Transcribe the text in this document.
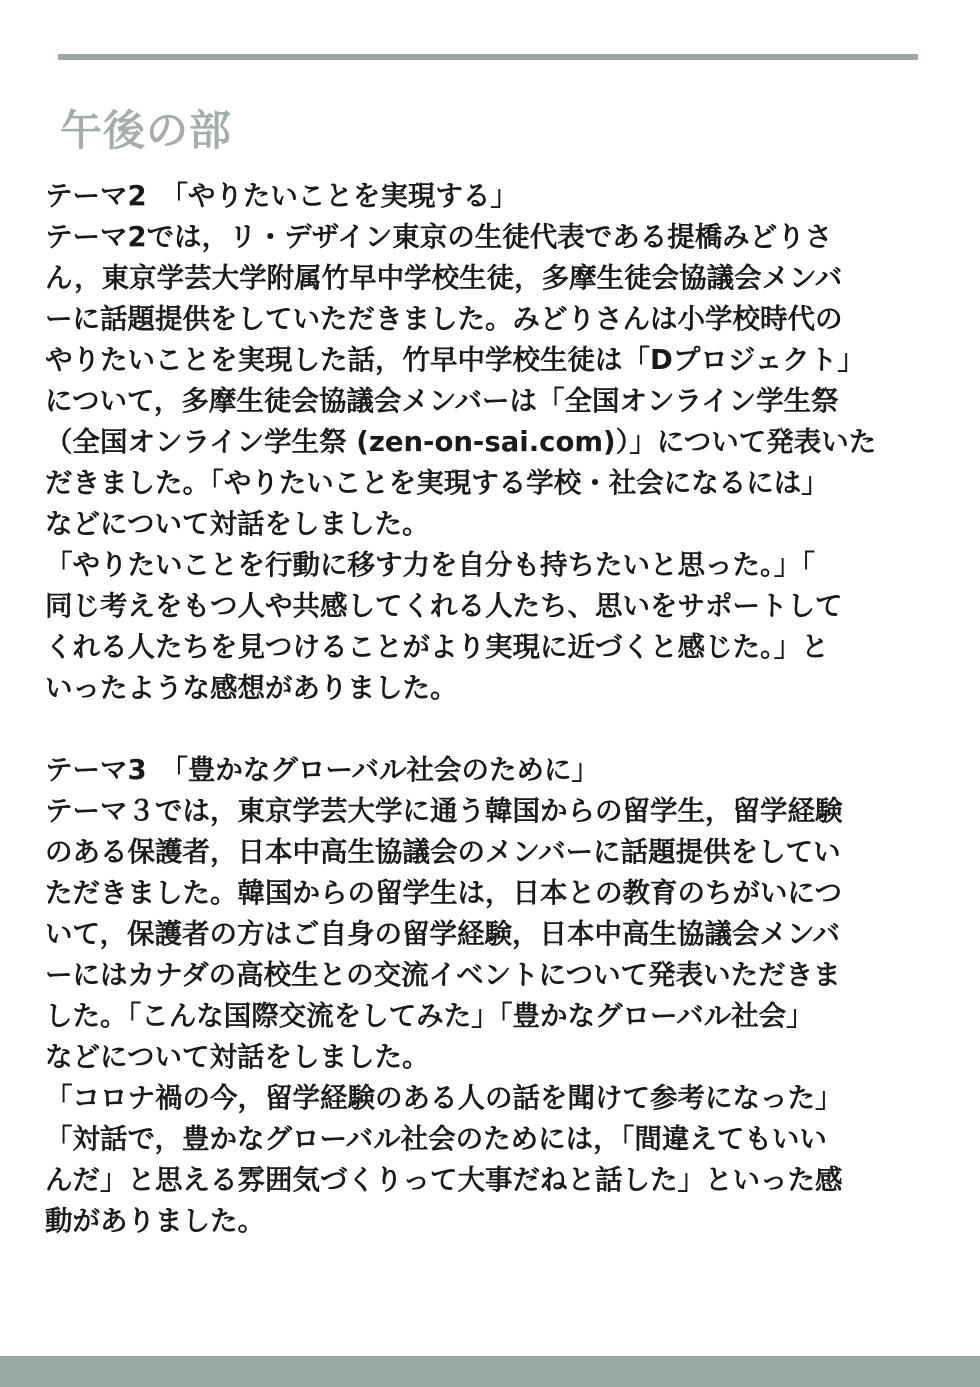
午後の部
テーマ2　「やりたいことを実現する」
テーマ2では，リ・デザイン東京の生徒代表である提橋みどりさ
ん，東京学芸大学附属竹早中学校生徒，多摩生徒会協議会メンバ
ーに話題提供をしていただきました。みどりさんは小学校時代の
やりたいことを実現した話，竹早中学校生徒は「Dプロジェクト」
について，多摩生徒会協議会メンバーは「全国オンライン学生祭
（全国オンライン学生祭 (zen-on-sai.com)）」について発表いた
だきました。「やりたいことを実現する学校・社会になるには」
などについて対話をしました。
「やりたいことを行動に移す力を自分も持ちたいと思った。」「
同じ考えをもつ人や共感してくれる人たち、思いをサポートして
くれる人たちを見つけることがより実現に近づくと感じた。」と
いったような感想がありました。
テーマ3　「豊かなグローバル社会のために」
テーマ３では，東京学芸大学に通う韓国からの留学生，留学経験
のある保護者，日本中高生協議会のメンバーに話題提供をしてい
ただきました。韓国からの留学生は，日本との教育のちがいにつ
いて，保護者の方はご自身の留学経験，日本中高生協議会メンバ
ーにはカナダの高校生との交流イベントについて発表いただきま
した。「こんな国際交流をしてみた」「豊かなグローバル社会」
などについて対話をしました。
「コロナ禍の今，留学経験のある人の話を聞けて参考になった」
「対話で，豊かなグローバル社会のためには，「間違えてもいい
んだ」と思える雰囲気づくりって大事だねと話した」といった感
動がありました。
